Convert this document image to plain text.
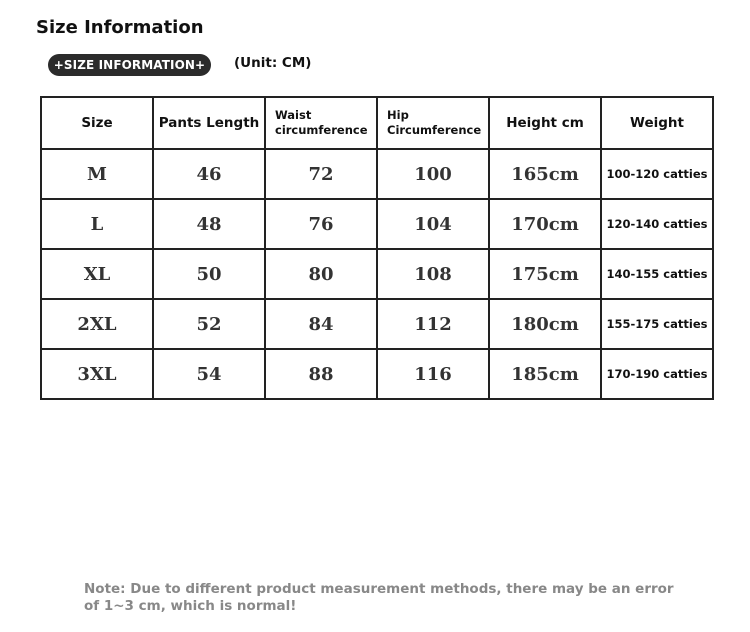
Size Information
+SIZE INFORMATION+	(Unit: CM)
Size	Pants Length	Waist circumference	Hip Circumference	Height cm	Weight
M	46	72	100	165cm	100-120 catties
L	48	76	104	170cm	120-140 catties
XL	50	80	108	175cm	140-155 catties
2XL	52	84	112	180cm	155-175 catties
3XL	54	88	116	185cm	170-190 catties
Note: Due to different product measurement methods, there may be an error of 1~3 cm, which is normal!
